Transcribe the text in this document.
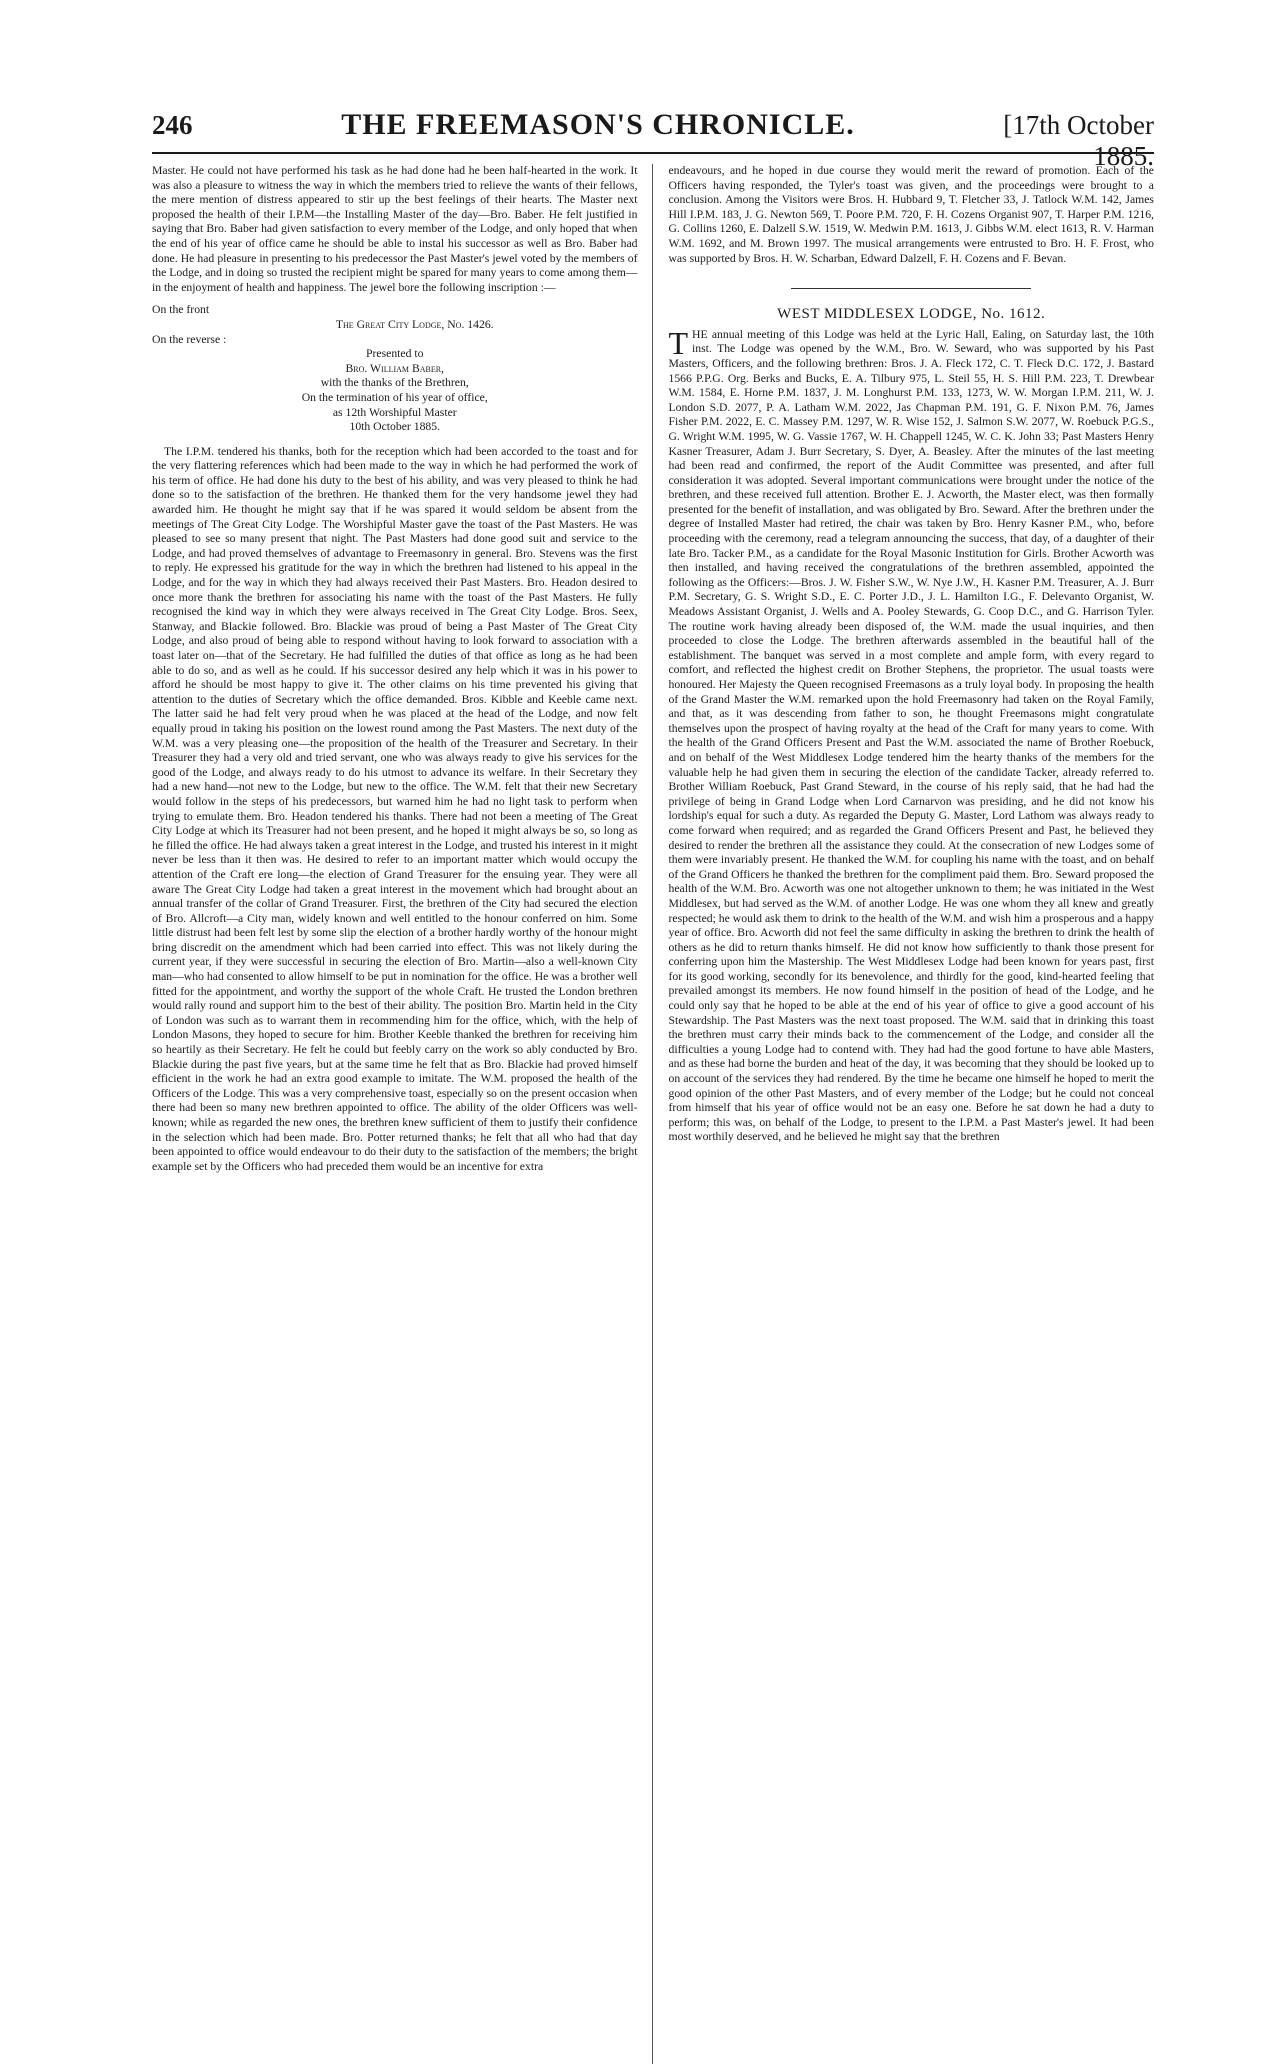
246	THE FREEMASON'S CHRONICLE.	[17th October 1885.

Master. He could not have performed his task as he had done had he been half-hearted in the work. It was also a pleasure to witness the way in which the members tried to relieve the wants of their fellows, the mere mention of distress appeared to stir up the best feelings of their hearts. The Master next proposed the health of their I.P.M—the Installing Master of the day—Bro. Baber. He felt justified in saying that Bro. Baber had given satisfaction to every member of the Lodge, and only hoped that when the end of his year of office came he should be able to instal his successor as well as Bro. Baber had done. He had pleasure in presenting to his predecessor the Past Master's jewel voted by the members of the Lodge, and in doing so trusted the recipient might be spared for many years to come among them—in the enjoyment of health and happiness. The jewel bore the following inscription :—

On the front
The Great City Lodge, No. 1426.
On the reverse :
Presented to
Bro. William Baber,
with the thanks of the Brethren,
On the termination of his year of office,
as 12th Worshipful Master
10th October 1885.

The I.P.M. tendered his thanks, both for the reception which had been accorded to the toast and for the very flattering references which had been made to the way in which he had performed the work of his term of office. He had done his duty to the best of his ability, and was very pleased to think he had done so to the satisfaction of the brethren. He thanked them for the very handsome jewel they had awarded him. He thought he might say that if he was spared it would seldom be absent from the meetings of The Great City Lodge. The Worshipful Master gave the toast of the Past Masters. He was pleased to see so many present that night. The Past Masters had done good suit and service to the Lodge, and had proved themselves of advantage to Freemasonry in general. Bro. Stevens was the first to reply. He expressed his gratitude for the way in which the brethren had listened to his appeal in the Lodge, and for the way in which they had always received their Past Masters. Bro. Headon desired to once more thank the brethren for associating his name with the toast of the Past Masters. He fully recognised the kind way in which they were always received in The Great City Lodge. Bros. Seex, Stanway, and Blackie followed. Bro. Blackie was proud of being a Past Master of The Great City Lodge, and also proud of being able to respond without having to look forward to association with a toast later on—that of the Secretary. He had fulfilled the duties of that office as long as he had been able to do so, and as well as he could. If his successor desired any help which it was in his power to afford he should be most happy to give it. The other claims on his time prevented his giving that attention to the duties of Secretary which the office demanded. Bros. Kibble and Keeble came next. The latter said he had felt very proud when he was placed at the head of the Lodge, and now felt equally proud in taking his position on the lowest round among the Past Masters. The next duty of the W.M. was a very pleasing one—the proposition of the health of the Treasurer and Secretary. In their Treasurer they had a very old and tried servant, one who was always ready to give his services for the good of the Lodge, and always ready to do his utmost to advance its welfare. In their Secretary they had a new hand—not new to the Lodge, but new to the office. The W.M. felt that their new Secretary would follow in the steps of his predecessors, but warned him he had no light task to perform when trying to emulate them. Bro. Headon tendered his thanks. There had not been a meeting of The Great City Lodge at which its Treasurer had not been present, and he hoped it might always be so, so long as he filled the office. He had always taken a great interest in the Lodge, and trusted his interest in it might never be less than it then was. He desired to refer to an important matter which would occupy the attention of the Craft ere long—the election of Grand Treasurer for the ensuing year. They were all aware The Great City Lodge had taken a great interest in the movement which had brought about an annual transfer of the collar of Grand Treasurer. First, the brethren of the City had secured the election of Bro. Allcroft—a City man, widely known and well entitled to the honour conferred on him. Some little distrust had been felt lest by some slip the election of a brother hardly worthy of the honour might bring discredit on the amendment which had been carried into effect. This was not likely during the current year, if they were successful in securing the election of Bro. Martin—also a well-known City man—who had consented to allow himself to be put in nomination for the office. He was a brother well fitted for the appointment, and worthy the support of the whole Craft. He trusted the London brethren would rally round and support him to the best of their ability. The position Bro. Martin held in the City of London was such as to warrant them in recommending him for the office, which, with the help of London Masons, they hoped to secure for him. Brother Keeble thanked the brethren for receiving him so heartily as their Secretary. He felt he could but feebly carry on the work so ably conducted by Bro. Blackie during the past five years, but at the same time he felt that as Bro. Blackie had proved himself efficient in the work he had an extra good example to imitate. The W.M. proposed the health of the Officers of the Lodge. This was a very comprehensive toast, especially so on the present occasion when there had been so many new brethren appointed to office. The ability of the older Officers was well-known; while as regarded the new ones, the brethren knew sufficient of them to justify their confidence in the selection which had been made. Bro. Potter returned thanks; he felt that all who had that day been appointed to office would endeavour to do their duty to the satisfaction of the members; the bright example set by the Officers who had preceded them would be an incentive for extra

endeavours, and he hoped in due course they would merit the reward of promotion. Each of the Officers having responded, the Tyler's toast was given, and the proceedings were brought to a conclusion. Among the Visitors were Bros. H. Hubbard 9, T. Fletcher 33, J. Tatlock W.M. 142, James Hill I.P.M. 183, J. G. Newton 569, T. Poore P.M. 720, F. H. Cozens Organist 907, T. Harper P.M. 1216, G. Collins 1260, E. Dalzell S.W. 1519, W. Medwin P.M. 1613, J. Gibbs W.M. elect 1613, R. V. Harman W.M. 1692, and M. Brown 1997. The musical arrangements were entrusted to Bro. H. F. Frost, who was supported by Bros. H. W. Scharban, Edward Dalzell, F. H. Cozens and F. Bevan.

WEST MIDDLESEX LODGE, No. 1612.

THE annual meeting of this Lodge was held at the Lyric Hall, Ealing, on Saturday last, the 10th inst. The Lodge was opened by the W.M., Bro. W. Seward, who was supported by his Past Masters, Officers, and the following brethren: Bros. J. A. Fleck 172, C. T. Fleck D.C. 172, J. Bastard 1566 P.P.G. Org. Berks and Bucks, E. A. Tilbury 975, L. Steil 55, H. S. Hill P.M. 223, T. Drewbear W.M. 1584, E. Horne P.M. 1837, J. M. Longhurst P.M. 133, 1273, W. W. Morgan I.P.M. 211, W. J. London S.D. 2077, P. A. Latham W.M. 2022, Jas Chapman P.M. 191, G. F. Nixon P.M. 76, James Fisher P.M. 2022, E. C. Massey P.M. 1297, W. R. Wise 152, J. Salmon S.W. 2077, W. Roebuck P.G.S., G. Wright W.M. 1995, W. G. Vassie 1767, W. H. Chappell 1245, W. C. K. John 33; Past Masters Henry Kasner Treasurer, Adam J. Burr Secretary, S. Dyer, A. Beasley. After the minutes of the last meeting had been read and confirmed, the report of the Audit Committee was presented, and after full consideration it was adopted. Several important communications were brought under the notice of the brethren, and these received full attention. Brother E. J. Acworth, the Master elect, was then formally presented for the benefit of installation, and was obligated by Bro. Seward. After the brethren under the degree of Installed Master had retired, the chair was taken by Bro. Henry Kasner P.M., who, before proceeding with the ceremony, read a telegram announcing the success, that day, of a daughter of their late Bro. Tacker P.M., as a candidate for the Royal Masonic Institution for Girls. Brother Acworth was then installed, and having received the congratulations of the brethren assembled, appointed the following as the Officers:—Bros. J. W. Fisher S.W., W. Nye J.W., H. Kasner P.M. Treasurer, A. J. Burr P.M. Secretary, G. S. Wright S.D., E. C. Porter J.D., J. L. Hamilton I.G., F. Delevanto Organist, W. Meadows Assistant Organist, J. Wells and A. Pooley Stewards, G. Coop D.C., and G. Harrison Tyler. The routine work having already been disposed of, the W.M. made the usual inquiries, and then proceeded to close the Lodge. The brethren afterwards assembled in the beautiful hall of the establishment. The banquet was served in a most complete and ample form, with every regard to comfort, and reflected the highest credit on Brother Stephens, the proprietor. The usual toasts were honoured. Her Majesty the Queen recognised Freemasons as a truly loyal body. In proposing the health of the Grand Master the W.M. remarked upon the hold Freemasonry had taken on the Royal Family, and that, as it was descending from father to son, he thought Freemasons might congratulate themselves upon the prospect of having royalty at the head of the Craft for many years to come. With the health of the Grand Officers Present and Past the W.M. associated the name of Brother Roebuck, and on behalf of the West Middlesex Lodge tendered him the hearty thanks of the members for the valuable help he had given them in securing the election of the candidate Tacker, already referred to. Brother William Roebuck, Past Grand Steward, in the course of his reply said, that he had had the privilege of being in Grand Lodge when Lord Carnarvon was presiding, and he did not know his lordship's equal for such a duty. As regarded the Deputy G. Master, Lord Lathom was always ready to come forward when required; and as regarded the Grand Officers Present and Past, he believed they desired to render the brethren all the assistance they could. At the consecration of new Lodges some of them were invariably present. He thanked the W.M. for coupling his name with the toast, and on behalf of the Grand Officers he thanked the brethren for the compliment paid them. Bro. Seward proposed the health of the W.M. Bro. Acworth was one not altogether unknown to them; he was initiated in the West Middlesex, but had served as the W.M. of another Lodge. He was one whom they all knew and greatly respected; he would ask them to drink to the health of the W.M. and wish him a prosperous and a happy year of office. Bro. Acworth did not feel the same difficulty in asking the brethren to drink the health of others as he did to return thanks himself. He did not know how sufficiently to thank those present for conferring upon him the Mastership. The West Middlesex Lodge had been known for years past, first for its good working, secondly for its benevolence, and thirdly for the good, kind-hearted feeling that prevailed amongst its members. He now found himself in the position of head of the Lodge, and he could only say that he hoped to be able at the end of his year of office to give a good account of his Stewardship. The Past Masters was the next toast proposed. The W.M. said that in drinking this toast the brethren must carry their minds back to the commencement of the Lodge, and consider all the difficulties a young Lodge had to contend with. They had had the good fortune to have able Masters, and as these had borne the burden and heat of the day, it was becoming that they should be looked up to on account of the services they had rendered. By the time he became one himself he hoped to merit the good opinion of the other Past Masters, and of every member of the Lodge; but he could not conceal from himself that his year of office would not be an easy one. Before he sat down he had a duty to perform; this was, on behalf of the Lodge, to present to the I.P.M. a Past Master's jewel. It had been most worthily deserved, and he believed he might say that the brethren
